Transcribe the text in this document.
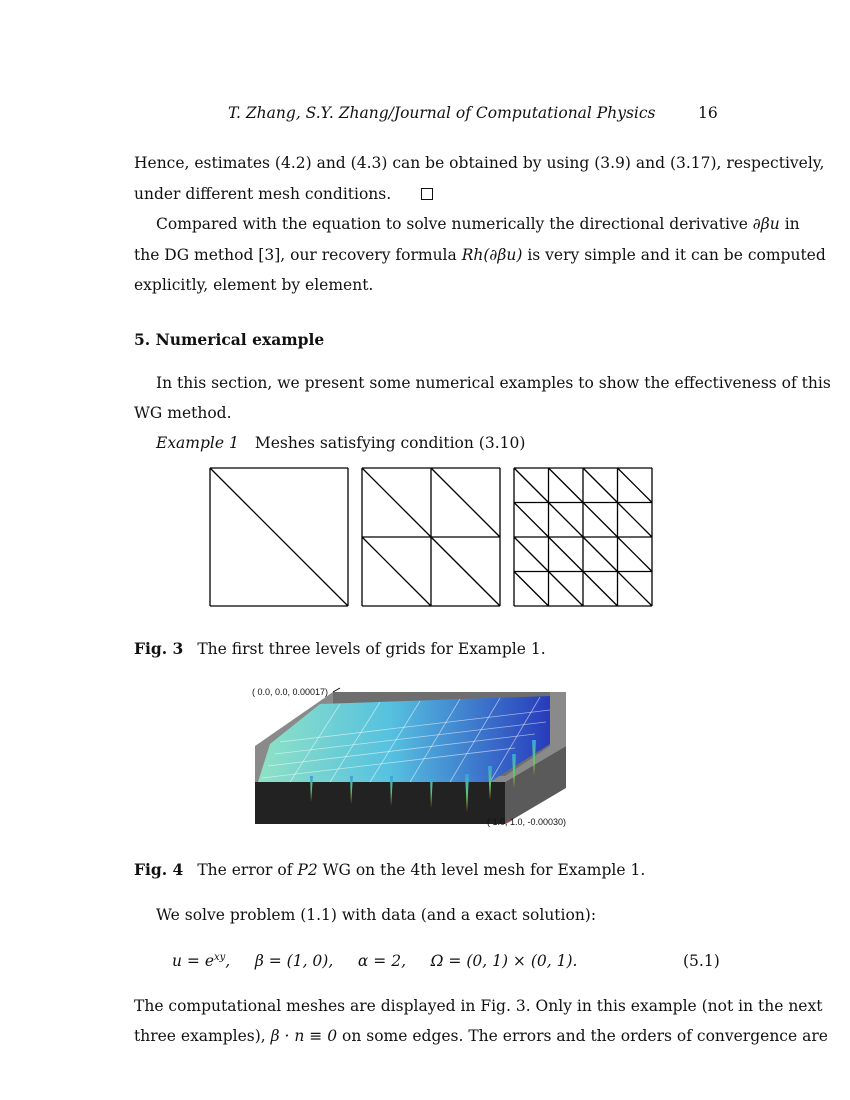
T. Zhang, S.Y. Zhang/Journal of Computational Physics	16
Hence, estimates (4.2) and (4.3) can be obtained by using (3.9) and (3.17), respectively,
under different mesh conditions.
Compared with the equation to solve numerically the directional derivative ∂βu in
the DG method [3], our recovery formula Rh(∂βu) is very simple and it can be computed
explicitly, element by element.
5. Numerical example
In this section, we present some numerical examples to show the effectiveness of this
WG method.
Example 1 Meshes satisfying condition (3.10)
Fig. 3 The first three levels of grids for Example 1.
( 0.0, 0.0, 0.00017)
( 1.0, 1.0, -0.00030)
Fig. 4 The error of P2 WG on the 4th level mesh for Example 1.
We solve problem (1.1) with data (and a exact solution):
$u = e^{xy}$,     β = (1, 0),     α = 2,     Ω = (0, 1) × (0, 1).	(5.1)
The computational meshes are displayed in Fig. 3. Only in this example (not in the next
three examples), β · n ≡ 0 on some edges. The errors and the orders of convergence are
